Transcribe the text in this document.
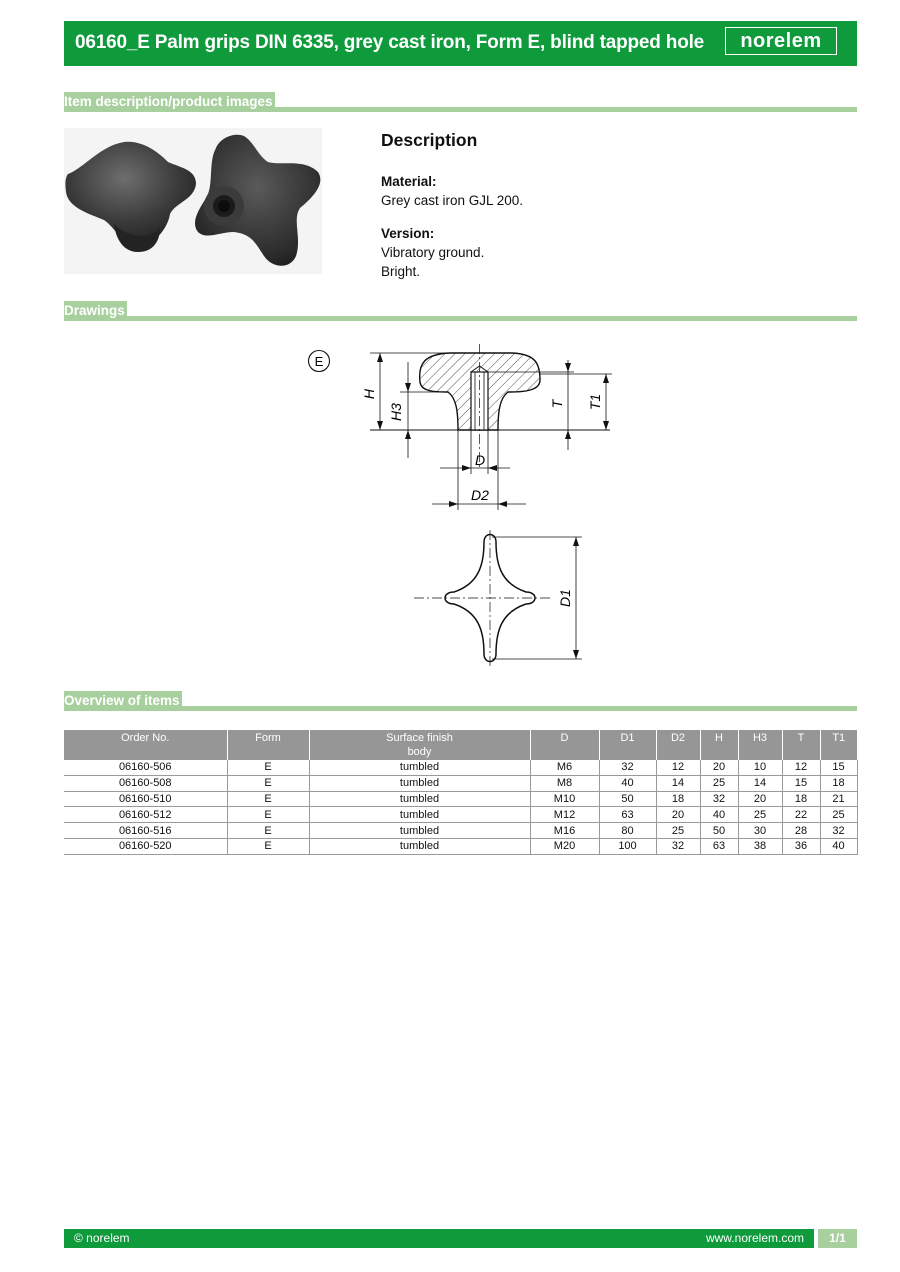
06160_E Palm grips DIN 6335, grey cast iron, Form E, blind tapped hole norelem
Item description/product images
Description
Material:
Grey cast iron GJL 200.
Version:
Vibratory ground.
Bright.
Drawings
E
H
H3	T T1
D
D2
D1
Overview of items
Order No.	Form	Surface finish
body	D	D1	D2	H	H3	T	T1
06160-506	E	tumbled	M6	32	12	20	10	12	15
06160-508	E	tumbled	M8	40	14	25	14	15	18
06160-510	E	tumbled	M10	50	18	32	20	18	21
06160-512	E	tumbled	M12	63	20	40	25	22	25
06160-516	E	tumbled	M16	80	25	50	30	28	32
06160-520	E	tumbled	M20	100	32	63	38	36	40
© norelem	www.norelem.com	1/1
